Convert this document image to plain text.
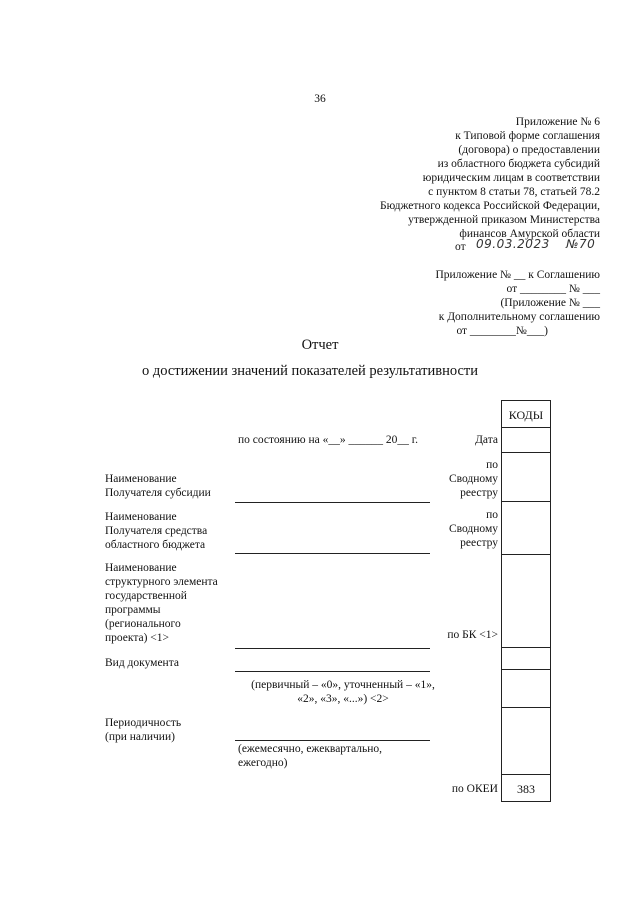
36
Приложение № 6
к Типовой форме соглашения
(договора) о предоставлении
из областного бюджета субсидий
юридическим лицам в соответствии
с пунктом 8 статьи 78, статьей 78.2
Бюджетного кодекса Российской Федерации,
утвержденной приказом Министерства
финансов Амурской области
от 09.03.2023 №70
Приложение № __ к Соглашению
от ________ № ___
(Приложение № ___
к Дополнительному соглашению
от ________№___)
Отчет
о достижении значений показателей результативности
по состоянию на «__» ______ 20__ г.
Наименование
Получателя субсидии
Наименование
Получателя средства
областного бюджета
Наименование
структурного элемента
государственной
программы
(регионального
проекта) <1>
Вид документа
(первичный – «0», уточненный – «1»,
«2», «3», «...») <2>
Периодичность
(при наличии)
(ежемесячно, ежеквартально,
ежегодно)
Дата
по
Сводному
реестру
по
Сводному
реестру
по БК <1>
по ОКЕИ
КОДЫ
383
